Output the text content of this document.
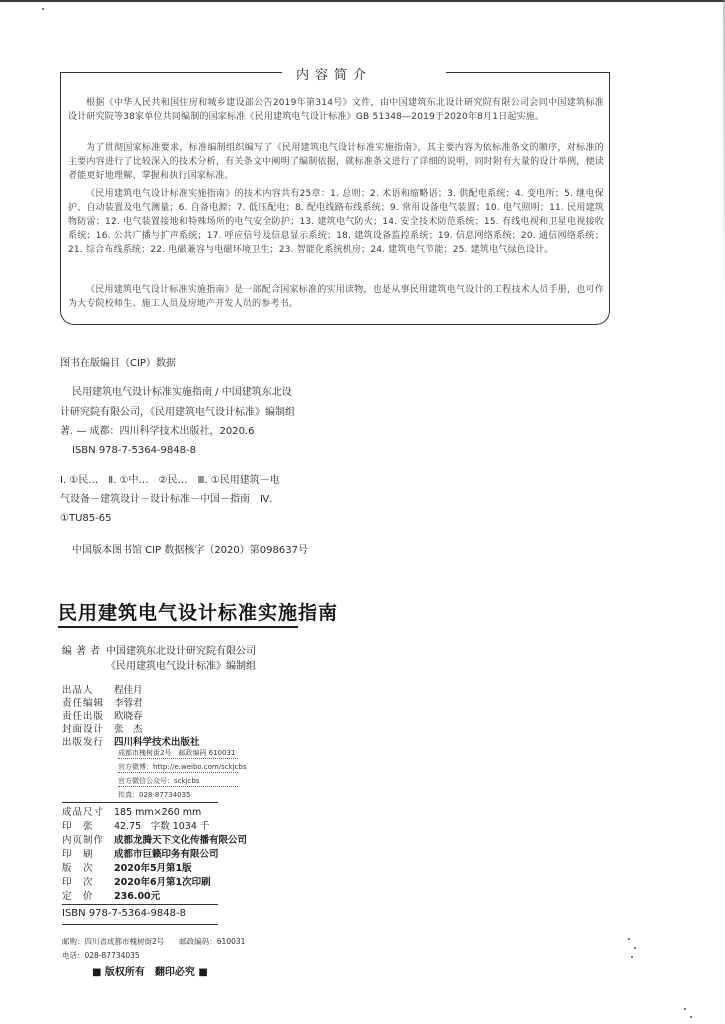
内容简介
根据《中华人民共和国住房和城乡建设部公告2019年第314号》文件，由中国建筑东北设计研究院有限公司会同中国建筑标准设计研究院等38家单位共同编制的国家标准《民用建筑电气设计标准》GB 51348—2019于2020年8月1日起实施。
为了贯彻国家标准要求，标准编制组织编写了《民用建筑电气设计标准实施指南》，其主要内容为依标准条文的顺序，对标准的主要内容进行了比较深入的技术分析，有关条文中阐明了编制依据，就标准条文进行了详细的说明，同时附有大量的设计举例，便读者能更好地理解、掌握和执行国家标准。
《民用建筑电气设计标准实施指南》的技术内容共有25章：1. 总则；2. 术语和缩略语；3. 供配电系统；4. 变电所；5. 继电保护、自动装置及电气测量；6. 自备电源；7. 低压配电；8. 配电线路布线系统；9. 常用设备电气装置；10. 电气照明；11. 民用建筑物防雷；12. 电气装置接地和特殊场所的电气安全防护；13. 建筑电气防火；14. 安全技术防范系统；15. 有线电视和卫星电视接收系统；16. 公共广播与扩声系统；17. 呼应信号及信息显示系统；18. 建筑设备监控系统；19. 信息网络系统；20. 通信网络系统；21. 综合布线系统；22. 电磁兼容与电磁环境卫生；23. 智能化系统机房；24. 建筑电气节能；25. 建筑电气绿色设计。
《民用建筑电气设计标准实施指南》是一部配合国家标准的实用读物，也是从事民用建筑电气设计的工程技术人员手册，也可作为大专院校师生、施工人员及房地产开发人员的参考书。
图书在版编目（CIP）数据
民用建筑电气设计标准实施指南 / 中国建筑东北设
计研究院有限公司，《民用建筑电气设计标准》编制组
著. — 成都：四川科学技术出版社，2020.6
ISBN 978-7-5364-9848-8
Ⅰ. ①民…　Ⅱ. ①中…　②民…　Ⅲ. ①民用建筑－电
气设备－建筑设计－设计标准－中国－指南　Ⅳ.
①TU85-65
中国版本图书馆 CIP 数据核字（2020）第098637号
民用建筑电气设计标准实施指南
编著者 中国建筑东北设计研究院有限公司
《民用建筑电气设计标准》编制组
出品人 程佳月
责任编辑 李蓉君
责任出版 欧晓春
封面设计 张　杰
出版发行 四川科学技术出版社
成都市槐树街2号　邮政编码 610031
官方微博：http://e.weibo.com/sckjcbs
官方微信公众号：sckjcbs
传真：028-87734035
成品尺寸 185 mm×260 mm
印　张 42.75　字数 1034 千
内页制作 成都龙腾天下文化传播有限公司
印　刷 成都市巨籁印务有限公司
版　次 2020年5月第1版
印　次 2020年6月第1次印刷
定　价 236.00元
ISBN 978-7-5364-9848-8
邮购：四川省成都市槐树街2号　　邮政编码：610031
电话：028-87734035
■ 版权所有　翻印必究 ■
